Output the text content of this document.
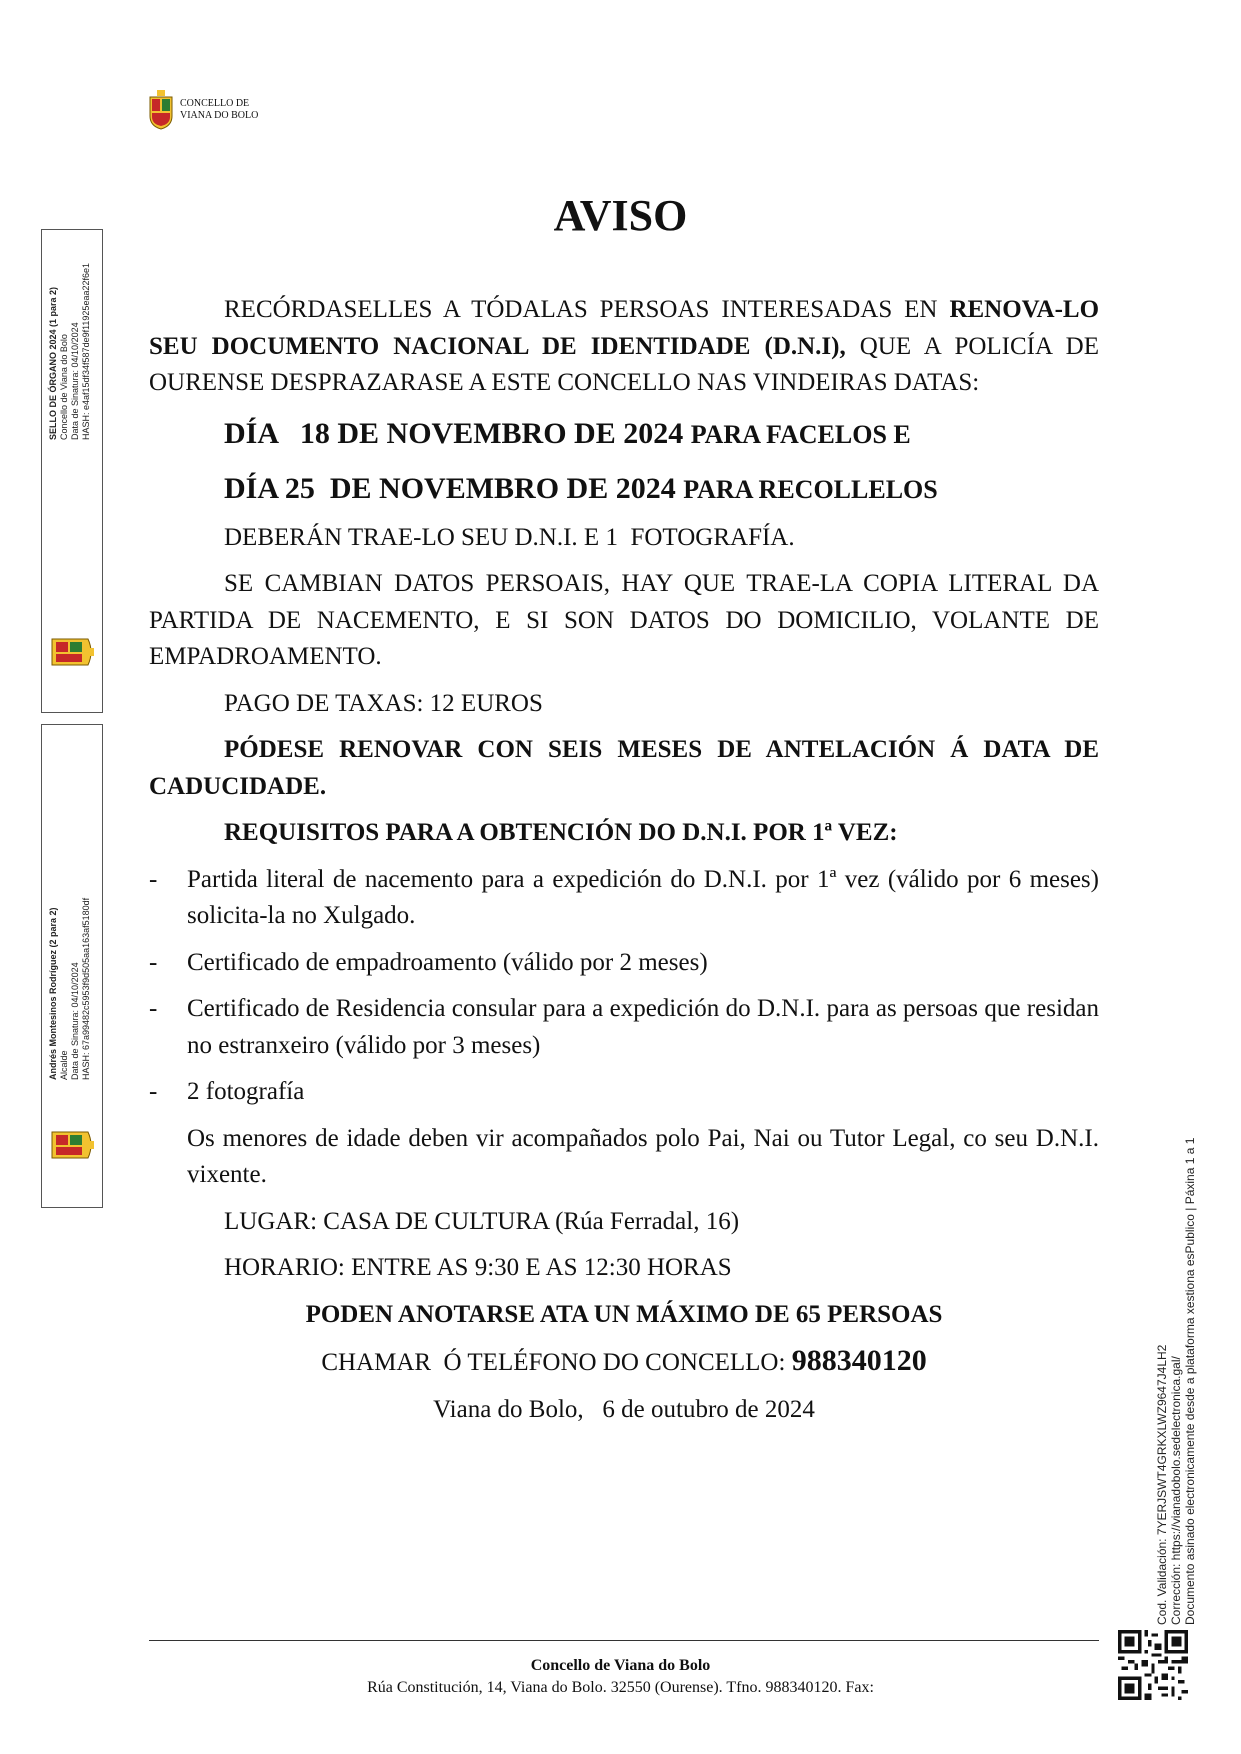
CONCELLO DE
VIANA DO BOLO
AVISO

RECÓRDASELLES A TÓDALAS PERSOAS INTERESADAS EN RENOVA-LO SEU DOCUMENTO NACIONAL DE IDENTIDADE (D.N.I), QUE A POLICÍA DE OURENSE DESPRAZARASE A ESTE CONCELLO NAS VINDEIRAS DATAS:

DÍA   18 DE NOVEMBRO DE 2024 PARA FACELOS E

DÍA 25  DE NOVEMBRO DE 2024 PARA RECOLLELOS

DEBERÁN TRAE-LO SEU D.N.I. E 1  FOTOGRAFÍA.

SE CAMBIAN DATOS PERSOAIS, HAY QUE TRAE-LA COPIA LITERAL DA PARTIDA DE NACEMENTO, E SI SON DATOS DO DOMICILIO, VOLANTE DE EMPADROAMENTO.

PAGO DE TAXAS: 12 EUROS

PÓDESE RENOVAR CON SEIS MESES DE ANTELACIÓN Á DATA DE CADUCIDADE.

REQUISITOS PARA A OBTENCIÓN DO D.N.I. POR 1ª VEZ:

-	Partida literal de nacemento para a expedición do D.N.I. por 1ª vez (válido por 6 meses) solicita-la no Xulgado.
-	Certificado de empadroamento (válido por 2 meses)
-	Certificado de Residencia consular para a expedición do D.N.I. para as persoas que residan no estranxeiro (válido por 3 meses)
-	2 fotografía

Os menores de idade deben vir acompañados polo Pai, Nai ou Tutor Legal, co seu D.N.I. vixente.

LUGAR: CASA DE CULTURA (Rúa Ferradal, 16)

HORARIO: ENTRE AS 9:30 E AS 12:30 HORAS

PODEN ANOTARSE ATA UN MÁXIMO DE 65 PERSOAS

CHAMAR  Ó TELÉFONO DO CONCELLO: 988340120

Viana do Bolo,   6 de outubro de 2024

SELLO DE ÓRGANO 2024 (1 para 2) Concello de Viana do Bolo Data de Sinatura: 04/10/2024 HASH: e4af15df34f587de9f11925eaa22f6e1
Andrés Montesinos Rodríguez (2 para 2) Alcalde Data de Sinatura: 04/10/2024 HASH: 67a99482c5953f9d505aa163af5180df
Cod. Validación: 7YERJSWT4GRKXLWZ9647J4LH2 Corrección: https://vianadobolo.sedelectronica.gal/ Documento asinado electronicamente desde a plataforma xestiona esPublico | Páxina 1 a 1
Concello de Viana do Bolo
Rúa Constitución, 14, Viana do Bolo. 32550 (Ourense). Tfno. 988340120. Fax:
